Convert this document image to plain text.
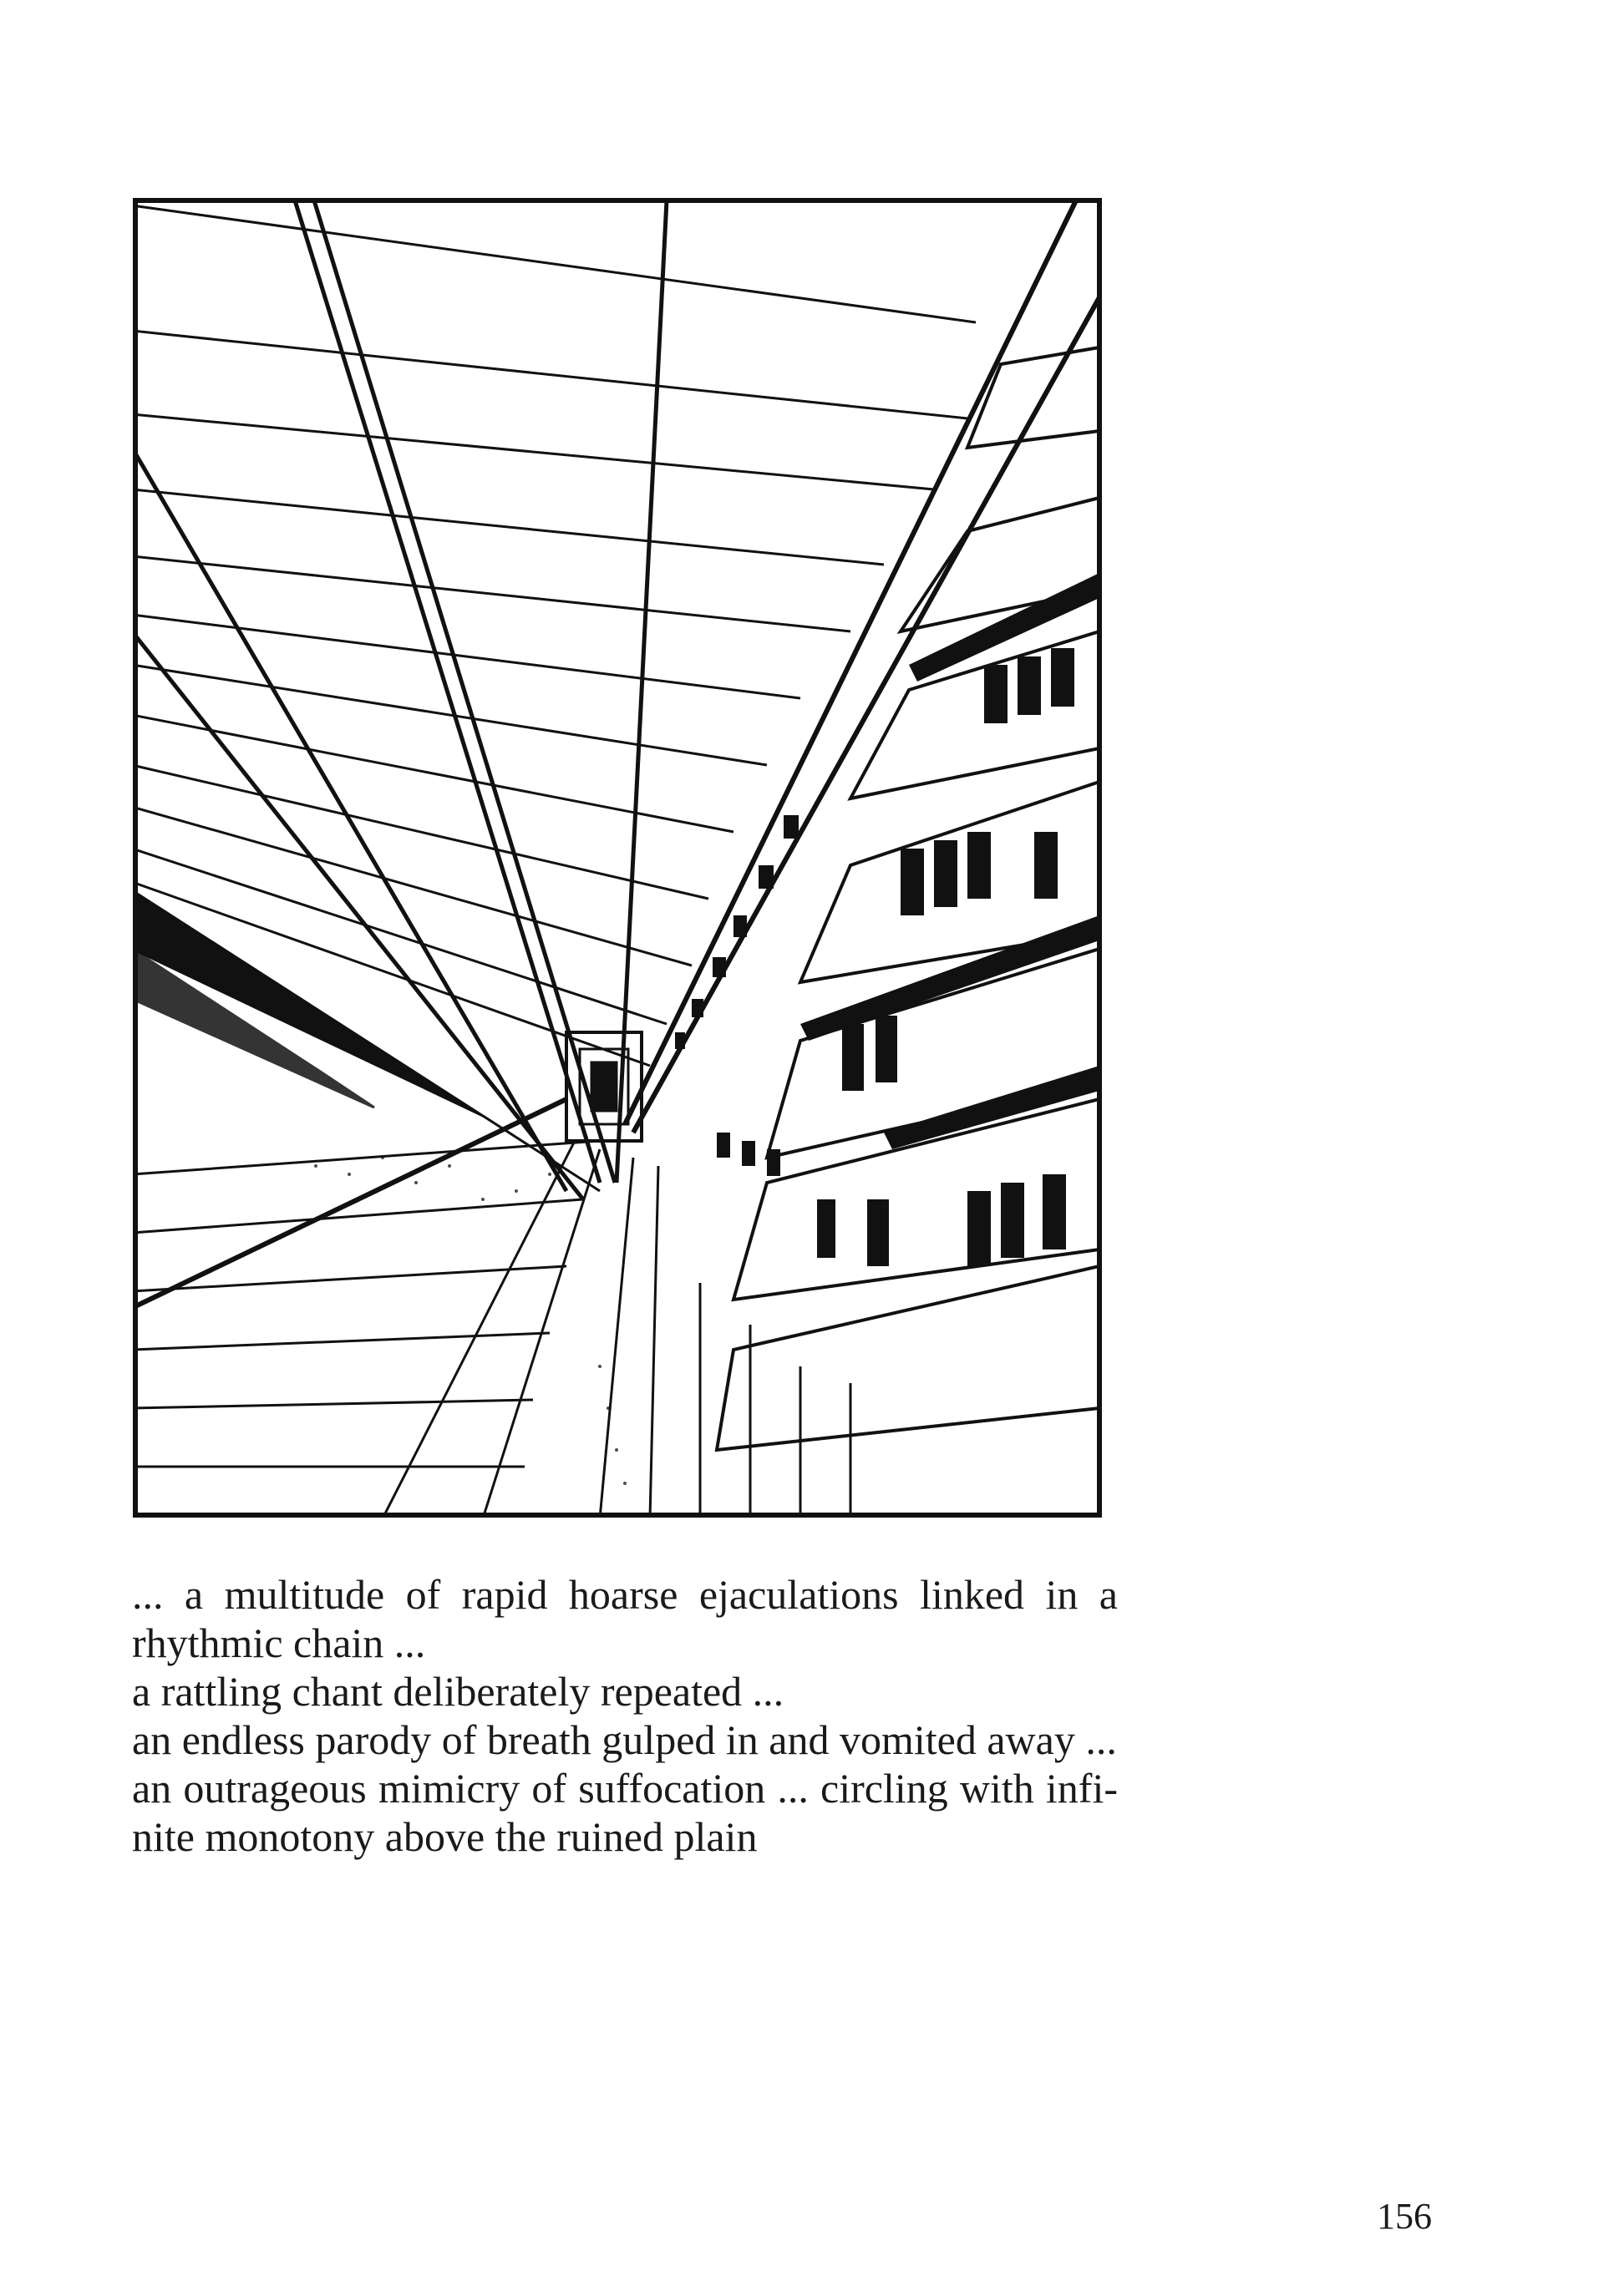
... a multitude of rapid hoarse ejaculations linked in a
rhythmic chain ...
a rattling chant deliberately repeated ...
an endless parody of breath gulped in and vomited away ...
an outrageous mimicry of suffocation ... circling with infi-
nite monotony above the ruined plain
156
